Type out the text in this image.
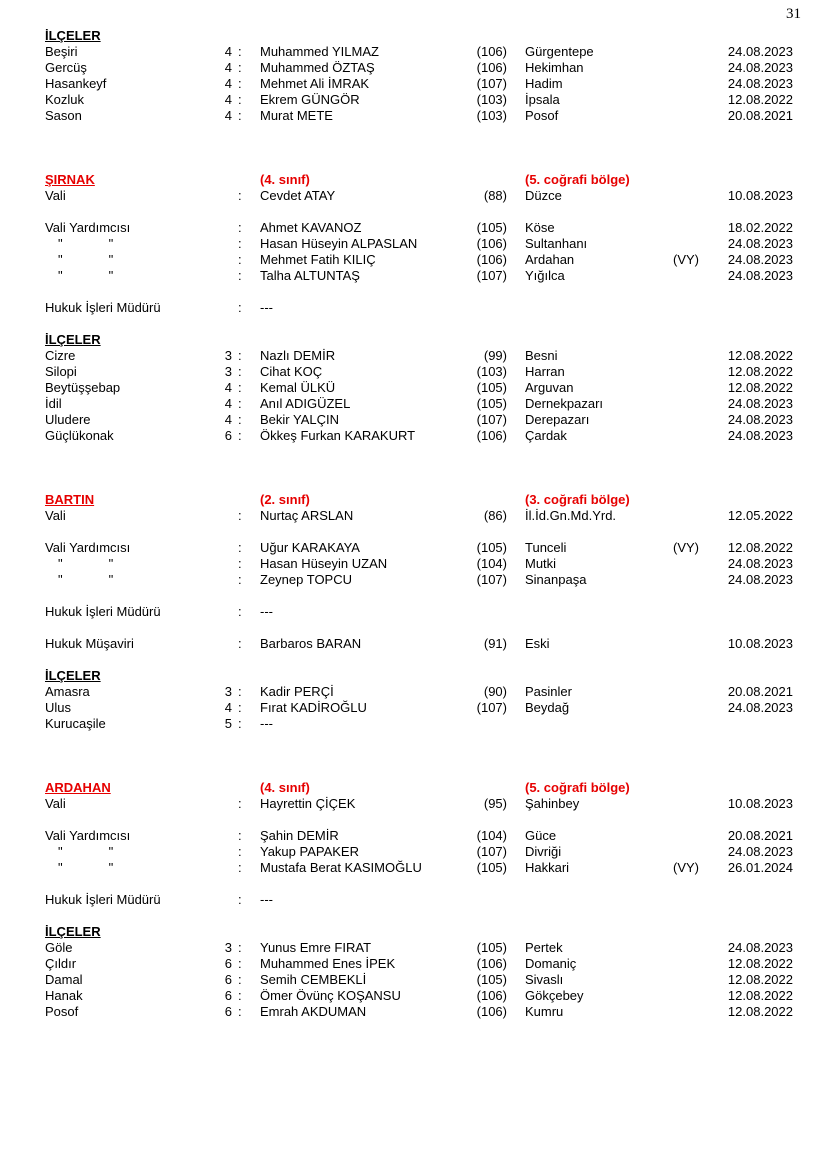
31
İLÇELER
Beşiri	4 :	Muhammed YILMAZ	(106)	Gürgentepe	24.08.2023
Gercüş	4 :	Muhammed ÖZTAŞ	(106)	Hekimhan	24.08.2023
Hasankeyf	4 :	Mehmet Ali İMRAK	(107)	Hadim	24.08.2023
Kozluk	4 :	Ekrem GÜNGÖR	(103)	İpsala	12.08.2022
Sason	4 :	Murat METE	(103)	Posof	20.08.2021
ŞIRNAK	(4. sınıf)	(5. coğrafi bölge)
Vali	:	Cevdet ATAY	(88)	Düzce	10.08.2023
Vali Yardımcısı	:	Ahmet KAVANOZ	(105)	Köse	18.02.2022
"	"	:	Hasan Hüseyin ALPASLAN	(106)	Sultanhanı	24.08.2023
"	"	:	Mehmet Fatih KILIÇ	(106)	Ardahan	(VY)	24.08.2023
"	"	:	Talha ALTUNTAŞ	(107)	Yığılca	24.08.2023
Hukuk İşleri Müdürü	:	---
İLÇELER
Cizre	3 :	Nazlı DEMİR	(99)	Besni	12.08.2022
Silopi	3 :	Cihat KOÇ	(103)	Harran	12.08.2022
Beytüşşebap	4 :	Kemal ÜLKÜ	(105)	Arguvan	12.08.2022
İdil	4 :	Anıl ADIGÜZEL	(105)	Dernekpazarı	24.08.2023
Uludere	4 :	Bekir YALÇIN	(107)	Derepazarı	24.08.2023
Güçlükonak	6 :	Ökkeş Furkan KARAKURT	(106)	Çardak	24.08.2023
BARTIN	(2. sınıf)	(3. coğrafi bölge)
Vali	:	Nurtaç ARSLAN	(86)	İl.İd.Gn.Md.Yrd.	12.05.2022
Vali Yardımcısı	:	Uğur KARAKAYA	(105)	Tunceli	(VY)	12.08.2022
"	"	:	Hasan Hüseyin UZAN	(104)	Mutki	24.08.2023
"	"	:	Zeynep TOPCU	(107)	Sinanpaşa	24.08.2023
Hukuk İşleri Müdürü	:	---
Hukuk Müşaviri	:	Barbaros BARAN	(91)	Eski	10.08.2023
İLÇELER
Amasra	3 :	Kadir PERÇİ	(90)	Pasinler	20.08.2021
Ulus	4 :	Fırat KADİROĞLU	(107)	Beydağ	24.08.2023
Kurucaşile	5 :	---
ARDAHAN	(4. sınıf)	(5. coğrafi bölge)
Vali	:	Hayrettin ÇİÇEK	(95)	Şahinbey	10.08.2023
Vali Yardımcısı	:	Şahin DEMİR	(104)	Güce	20.08.2021
"	"	:	Yakup PAPAKER	(107)	Divriği	24.08.2023
"	"	:	Mustafa Berat KASIMOĞLU	(105)	Hakkari	(VY)	26.01.2024
Hukuk İşleri Müdürü	:	---
İLÇELER
Göle	3 :	Yunus Emre FIRAT	(105)	Pertek	24.08.2023
Çıldır	6 :	Muhammed Enes İPEK	(106)	Domaniç	12.08.2022
Damal	6 :	Semih CEMBEKLİ	(105)	Sivaslı	12.08.2022
Hanak	6 :	Ömer Övünç KOŞANSU	(106)	Gökçebey	12.08.2022
Posof	6 :	Emrah AKDUMAN	(106)	Kumru	12.08.2022
